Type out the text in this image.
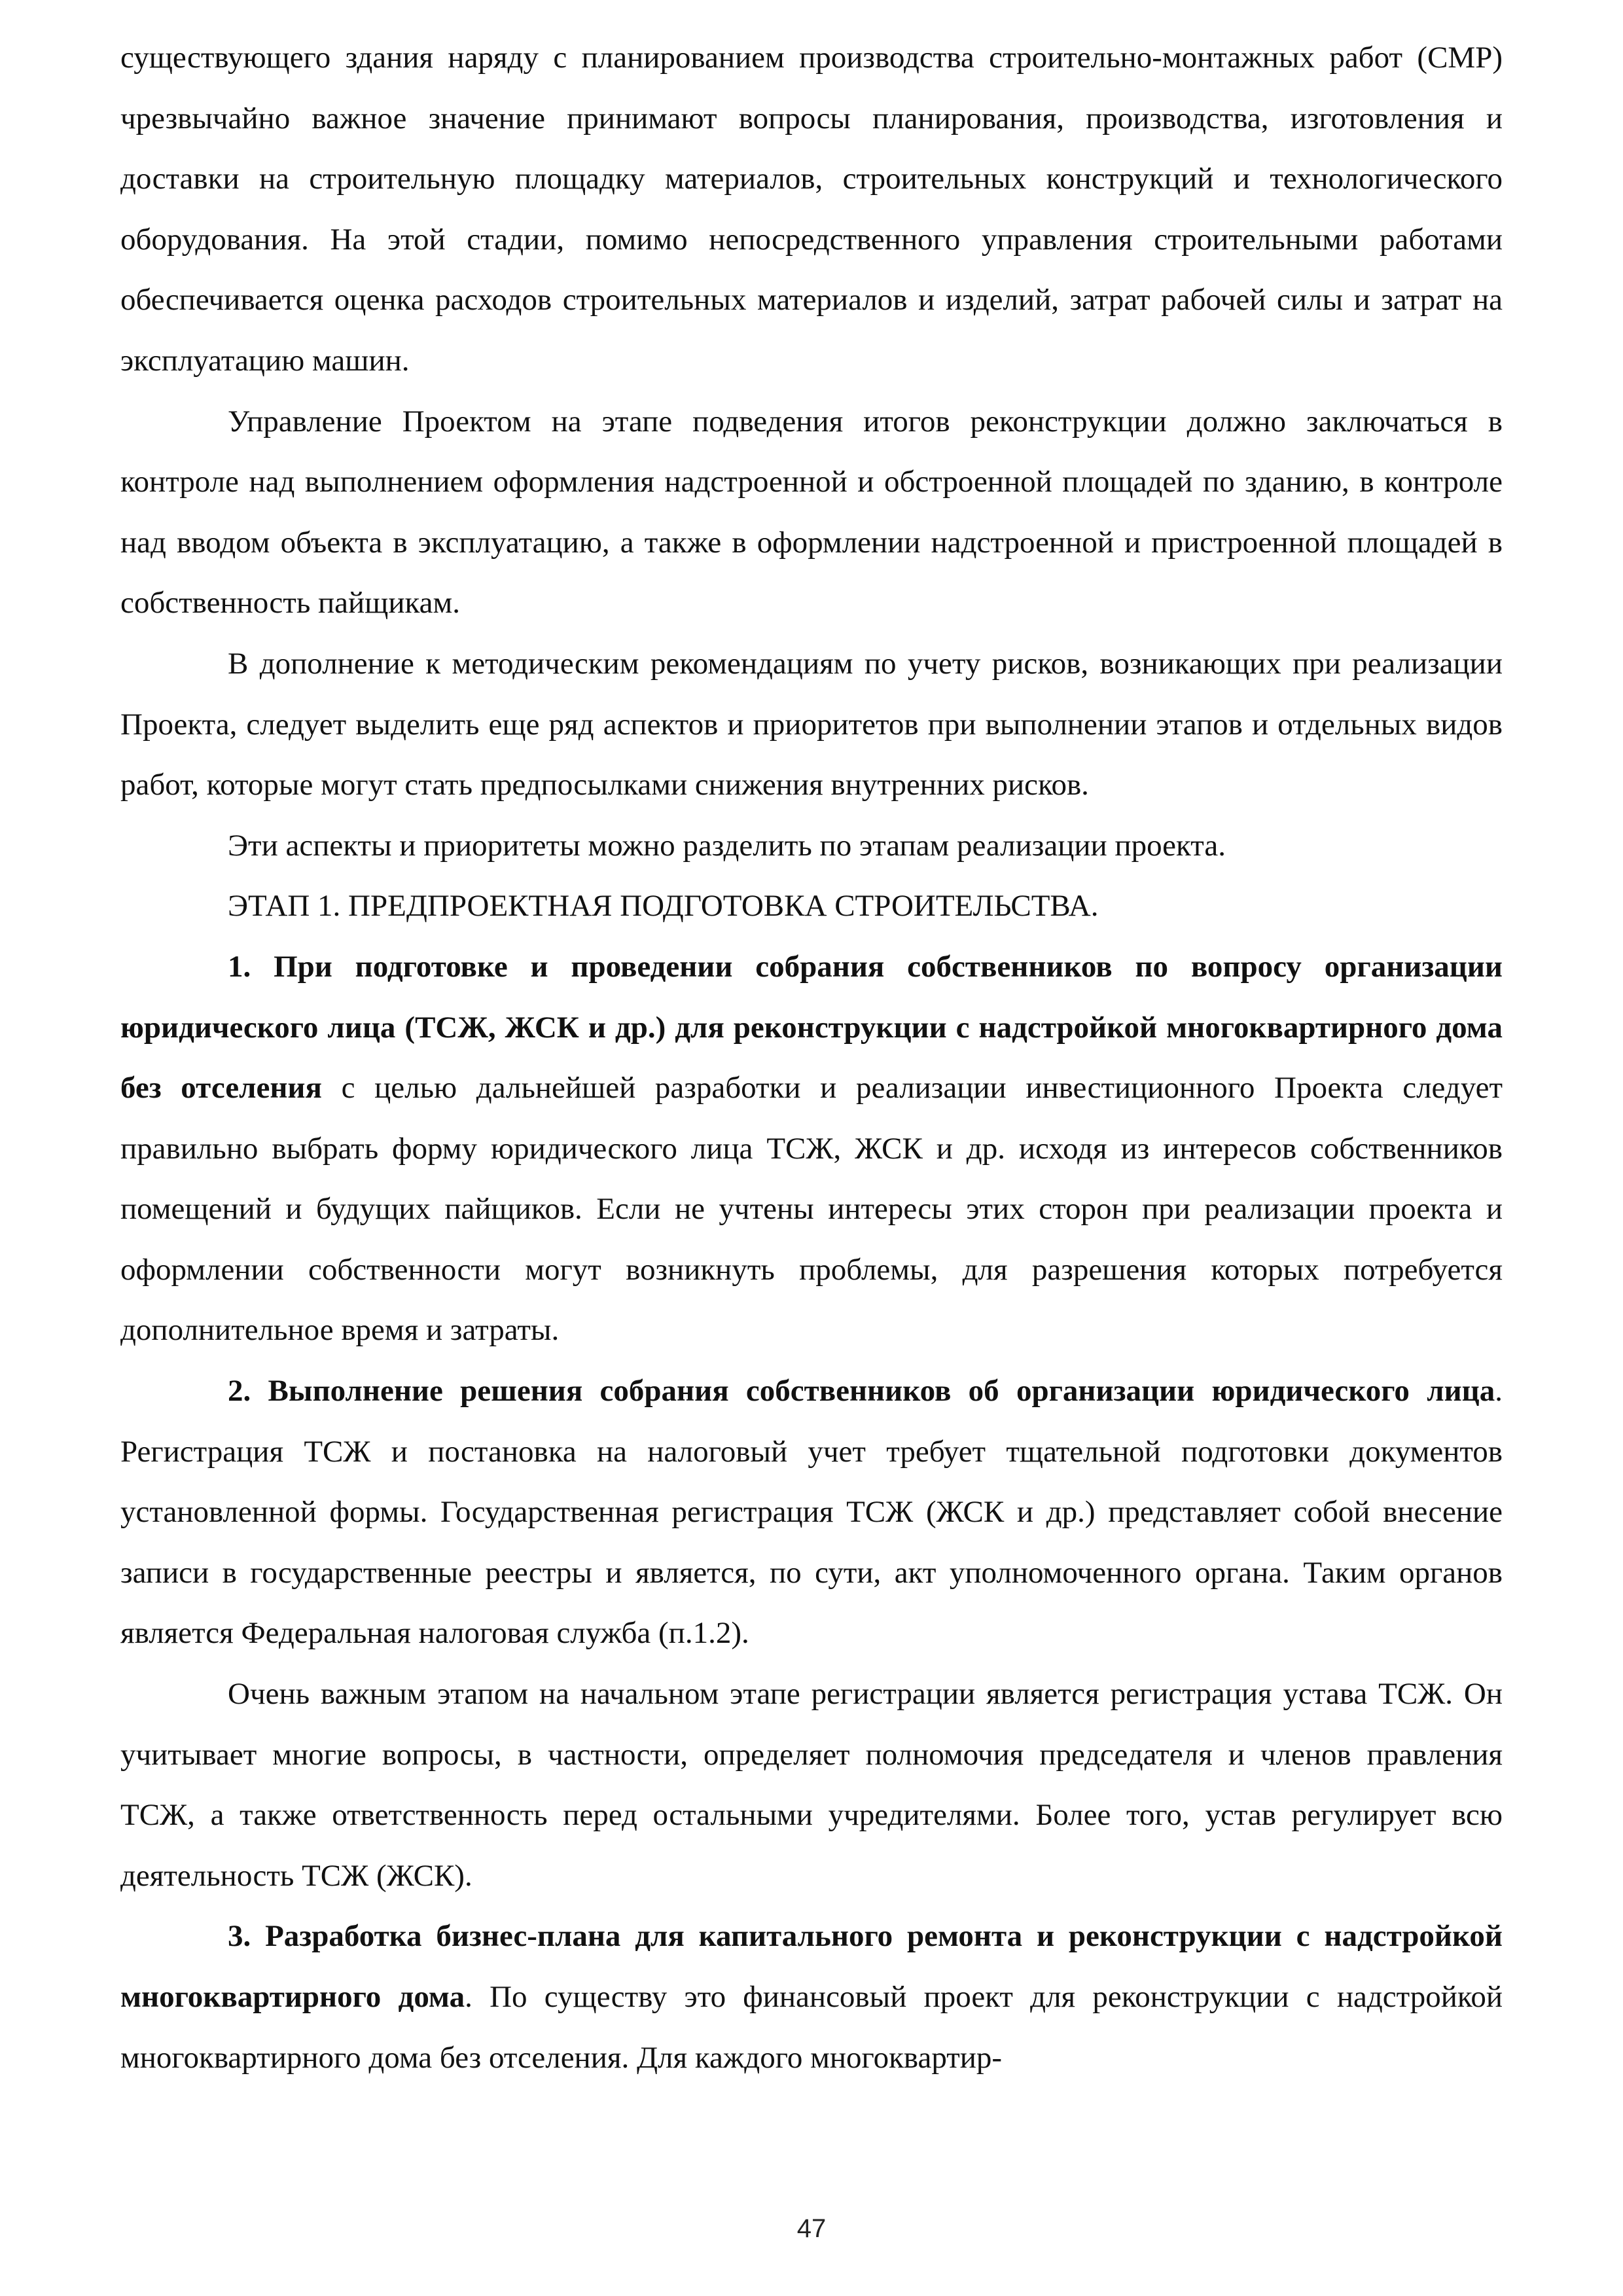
существующего здания наряду с планированием производства строительно-монтажных работ (СМР) чрезвычайно важное значение принимают вопросы планирования, производства, изготовления и доставки на строительную площадку материалов, строительных конструкций и технологического оборудования. На этой стадии, помимо непосредственного управления строительными работами обеспечивается оценка расходов строительных материалов и изделий, затрат рабочей силы и затрат на эксплуатацию машин.

Управление Проектом на этапе подведения итогов реконструкции должно заключаться в контроле над выполнением оформления надстроенной и обстроенной площадей по зданию, в контроле над вводом объекта в эксплуатацию, а также в оформлении надстроенной и пристроенной площадей в собственность пайщикам.

В дополнение к методическим рекомендациям по учету рисков, возникающих при реализации Проекта, следует выделить еще ряд аспектов и приоритетов при выполнении этапов и отдельных видов работ, которые могут стать предпосылками снижения внутренних рисков.

Эти аспекты и приоритеты можно разделить по этапам реализации проекта.

ЭТАП 1. ПРЕДПРОЕКТНАЯ ПОДГОТОВКА СТРОИТЕЛЬСТВА.

1. При подготовке и проведении собрания собственников по вопросу организации юридического лица (ТСЖ, ЖСК и др.) для реконструкции с надстройкой многоквартирного дома без отселения с целью дальнейшей разработки и реализации инвестиционного Проекта следует правильно выбрать форму юридического лица ТСЖ, ЖСК и др. исходя из интересов собственников помещений и будущих пайщиков. Если не учтены интересы этих сторон при реализации проекта и оформлении собственности могут возникнуть проблемы, для разрешения которых потребуется дополнительное время и затраты.

2. Выполнение решения собрания собственников об организации юридического лица. Регистрация ТСЖ и постановка на налоговый учет требует тщательной подготовки документов установленной формы. Государственная регистрация ТСЖ (ЖСК и др.) представляет собой внесение записи в государственные реестры и является, по сути, акт уполномоченного органа. Таким органов является Федеральная налоговая служба (п.1.2).

Очень важным этапом на начальном этапе регистрации является регистрация устава ТСЖ. Он учитывает многие вопросы, в частности, определяет полномочия председателя и членов правления ТСЖ, а также ответственность перед остальными учредителями. Более того, устав регулирует всю деятельность ТСЖ (ЖСК).

3. Разработка бизнес-плана для капитального ремонта и реконструкции с надстройкой многоквартирного дома. По существу это финансовый проект для реконструкции с надстройкой многоквартирного дома без отселения. Для каждого многоквартир-

47
